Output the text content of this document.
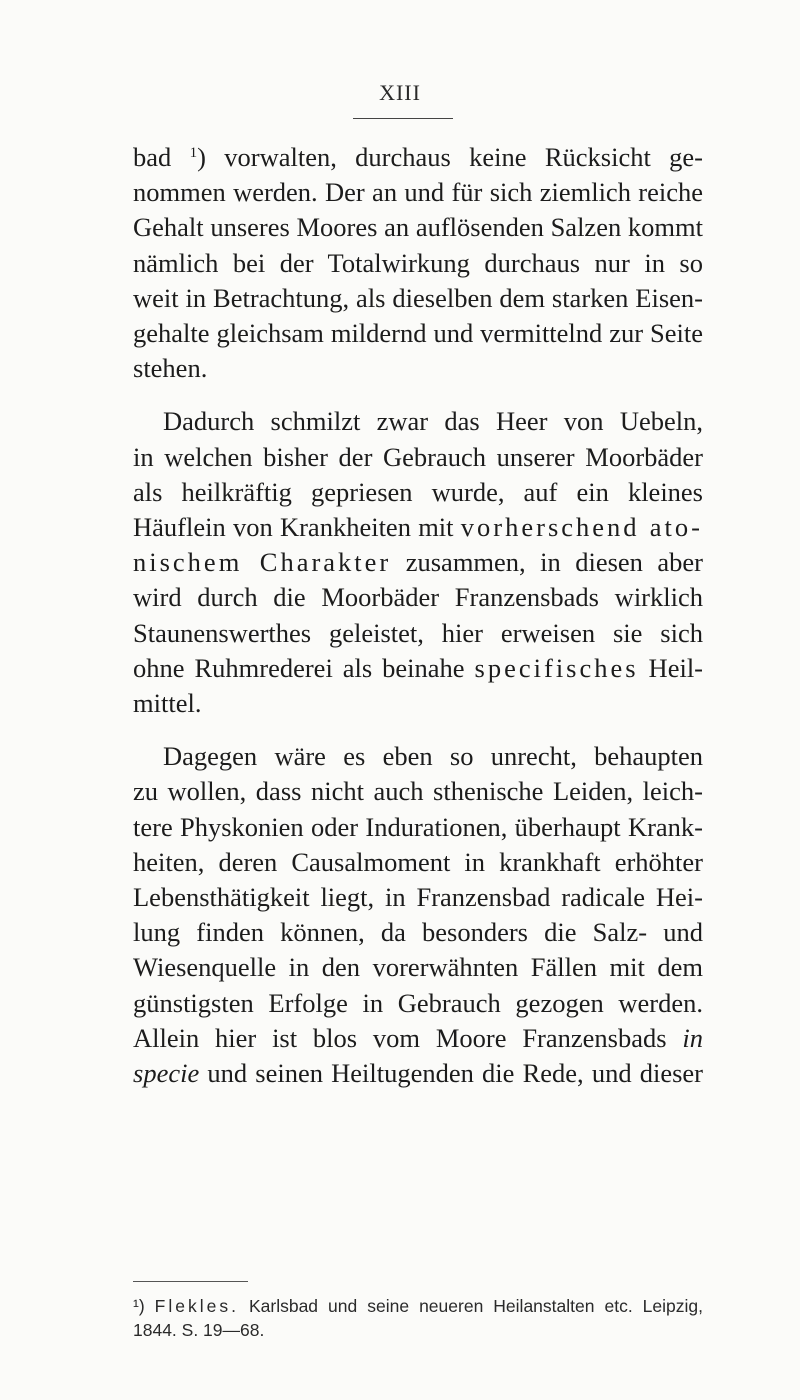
XIII
bad $^1$) vorwalten, durchaus keine Rücksicht ge-
nommen werden. Der an und für sich ziemlich reiche
Gehalt unseres Moores an auflösenden Salzen kommt
nämlich bei der Totalwirkung durchaus nur in so
weit in Betrachtung, als dieselben dem starken Eisen-
gehalte gleichsam mildernd und vermittelnd zur Seite
stehen.
Dadurch schmilzt zwar das Heer von Uebeln,
in welchen bisher der Gebrauch unserer Moorbäder
als heilkräftig gepriesen wurde, auf ein kleines
Häuflein von Krankheiten mit vorherschend ato-
nischem Charakter zusammen, in diesen aber
wird durch die Moorbäder Franzensbads wirklich
Staunenswerthes geleistet, hier erweisen sie sich
ohne Ruhmrederei als beinahe specifisches Heil-
mittel.
Dagegen wäre es eben so unrecht, behaupten
zu wollen, dass nicht auch sthenische Leiden, leich-
tere Physkonien oder Indurationen, überhaupt Krank-
heiten, deren Causalmoment in krankhaft erhöhter
Lebensthätigkeit liegt, in Franzensbad radicale Hei-
lung finden können, da besonders die Salz- und
Wiesenquelle in den vorerwähnten Fällen mit dem
günstigsten Erfolge in Gebrauch gezogen werden.
Allein hier ist blos vom Moore Franzensbads in
specie und seinen Heiltugenden die Rede, und dieser
¹) Flekles. Karlsbad und seine neueren Heilanstalten etc. Leipzig,
1844. S. 19—68.
